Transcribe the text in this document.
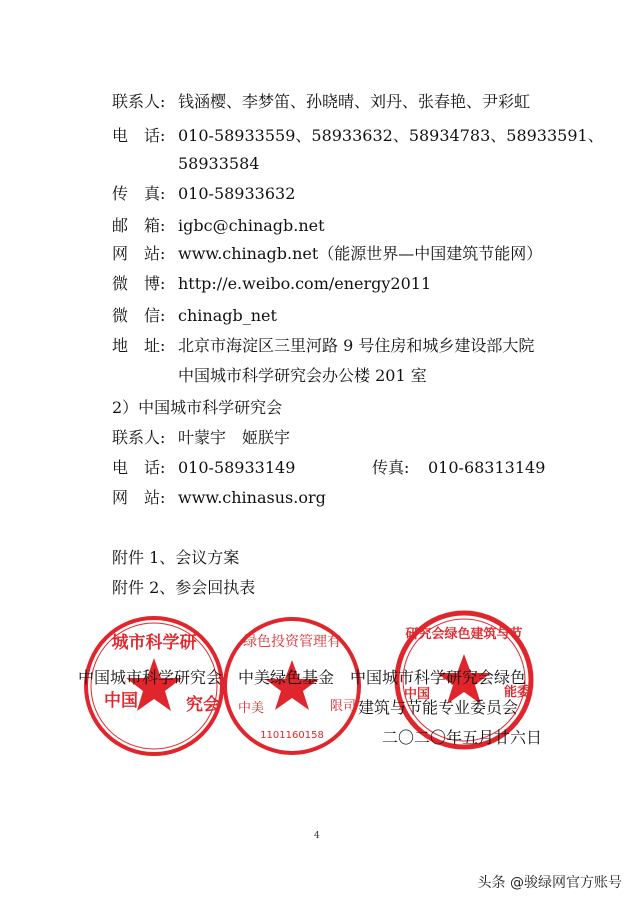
联系人: 钱涵樱、李梦笛、孙晓晴、刘丹、张春艳、尹彩虹
电　话: 010-58933559、58933632、58934783、58933591、
58933584
传　真: 010-58933632
邮　箱: igbc@chinagb.net
网　站: www.chinagb.net（能源世界—中国建筑节能网）
微　博: http://e.weibo.com/energy2011
微　信: chinagb_net
地　址: 北京市海淀区三里河路 9 号住房和城乡建设部大院
中国城市科学研究会办公楼 201 室
2）中国城市科学研究会
联系人: 叶蒙宇　姬朕宇
电　话: 010-58933149	传真: 010-68313149
网　站: www.chinasus.org
附件 1、会议方案
附件 2、参会回执表
城市科学研
中国	究会
绿色投资管理有
中美	限司
1101160158
研究会绿色建筑与节
中国	能委
中国城市科学研究会　中美绿色基金　中国城市科学研究会绿色
建筑与节能专业委员会
二〇二〇年五月廿六日
4
头条 @骏绿网官方账号
